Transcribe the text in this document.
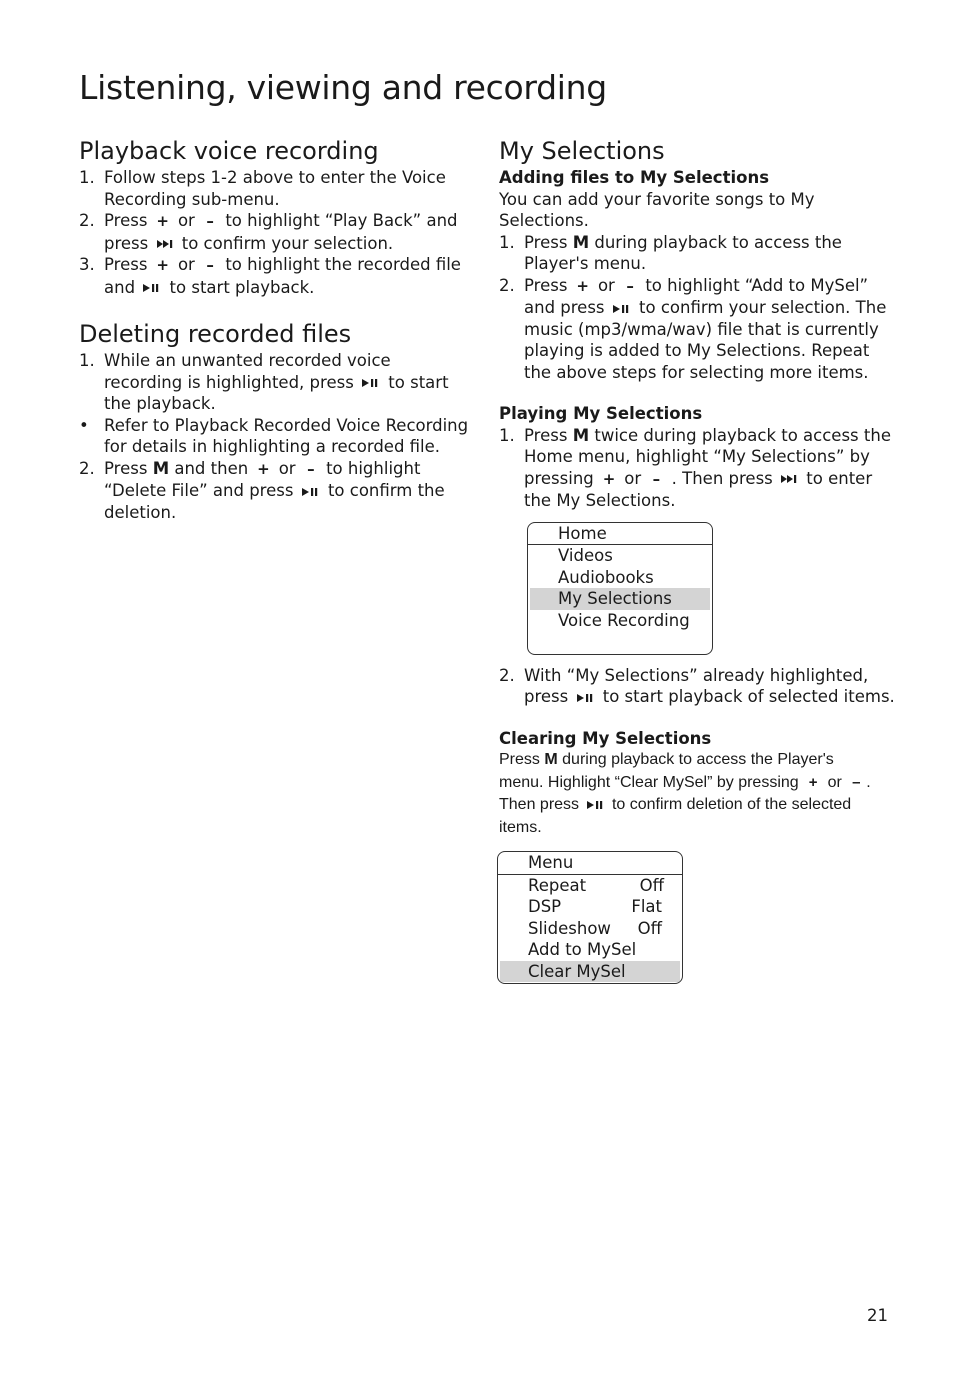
Listening, viewing and recording
Playback voice recording
1. Follow steps 1-2 above to enter the Voice Recording sub-menu.
2. Press + or – to highlight “Play Back” and press to confirm your selection.
3. Press + or – to highlight the recorded file and to start playback.
Deleting recorded files
1. While an unwanted recorded voice recording is highlighted, press to start the playback.
• Refer to Playback Recorded Voice Recording for details in highlighting a recorded file.
2. Press M and then + or – to highlight “Delete File” and press to confirm the deletion.
My Selections
Adding files to My Selections
You can add your favorite songs to My Selections.
1. Press M during playback to access the Player's menu.
2. Press + or – to highlight “Add to MySel” and press to confirm your selection. The music (mp3/wma/wav) file that is currently playing is added to My Selections. Repeat the above steps for selecting more items.
Playing My Selections
1. Press M twice during playback to access the Home menu, highlight “My Selections” by pressing + or – . Then press to enter the My Selections.
Home
Videos
Audiobooks
My Selections
Voice Recording
2. With “My Selections” already highlighted, press to start playback of selected items.
Clearing My Selections
Press M during playback to access the Player's menu. Highlight “Clear MySel” by pressing + or – . Then press to confirm deletion of the selected items.
Menu
Repeat	Off
DSP	Flat
Slideshow Off
Add to MySel
Clear MySel
21
